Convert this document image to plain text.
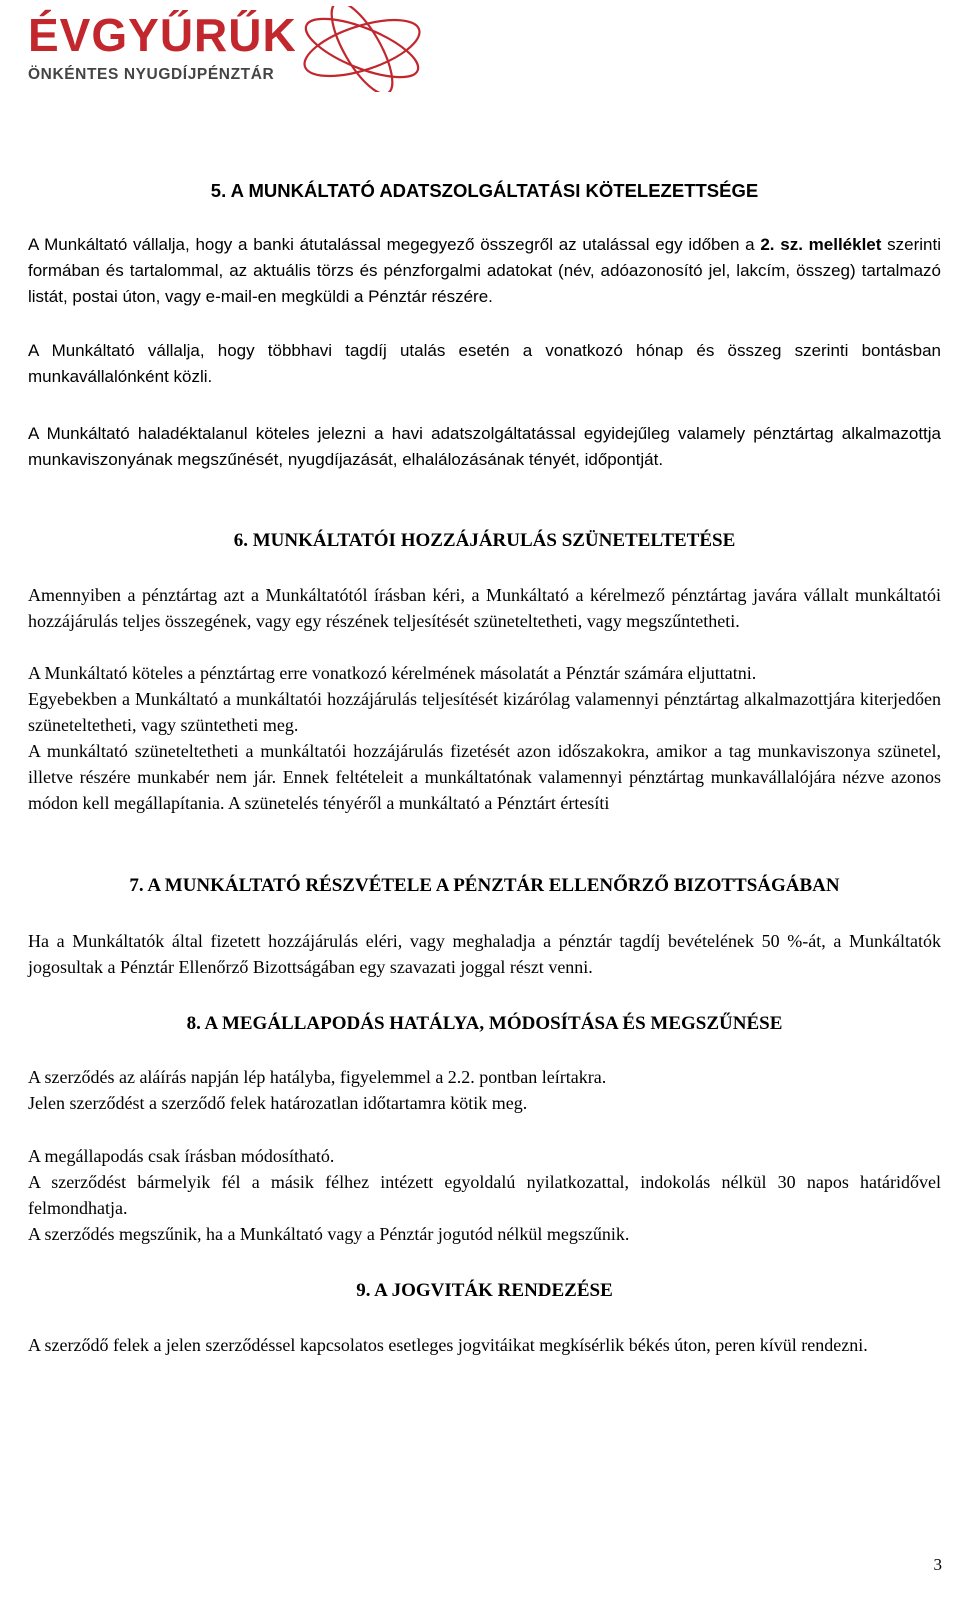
ÉVGYŰRŰK
ÖNKÉNTES NYUGDÍJPÉNZTÁR
5. A MUNKÁLTATÓ ADATSZOLGÁLTATÁSI KÖTELEZETTSÉGE

A Munkáltató vállalja, hogy a banki átutalással megegyező összegről az utalással egy időben a 2. sz. melléklet szerinti formában és tartalommal, az aktuális törzs és pénzforgalmi adatokat (név, adóazonosító jel, lakcím, összeg) tartalmazó listát, postai úton, vagy e-mail-en megküldi a Pénztár részére.

A Munkáltató vállalja, hogy többhavi tagdíj utalás esetén a vonatkozó hónap és összeg szerinti bontásban munkavállalónként közli.

A Munkáltató haladéktalanul köteles jelezni a havi adatszolgáltatással egyidejűleg valamely pénztártag alkalmazottja munkaviszonyának megszűnését, nyugdíjazását, elhalálozásának tényét, időpontját.

6. MUNKÁLTATÓI HOZZÁJÁRULÁS SZÜNETELTETÉSE

Amennyiben a pénztártag azt a Munkáltatótól írásban kéri, a Munkáltató a kérelmező pénztártag javára vállalt munkáltatói hozzájárulás teljes összegének, vagy egy részének teljesítését szüneteltetheti, vagy megszűntetheti.

A Munkáltató köteles a pénztártag erre vonatkozó kérelmének másolatát a Pénztár számára eljuttatni.

Egyebekben a Munkáltató a munkáltatói hozzájárulás teljesítését kizárólag valamennyi pénztártag alkalmazottjára kiterjedően szüneteltetheti, vagy szüntetheti meg.

A munkáltató szüneteltetheti a munkáltatói hozzájárulás fizetését azon időszakokra, amikor a tag munkaviszonya szünetel, illetve részére munkabér nem jár. Ennek feltételeit a munkáltatónak valamennyi pénztártag munkavállalójára nézve azonos módon kell megállapítania. A szünetelés tényéről a munkáltató a Pénztárt értesíti

7. A MUNKÁLTATÓ RÉSZVÉTELE A PÉNZTÁR ELLENŐRZŐ BIZOTTSÁGÁBAN

Ha a Munkáltatók által fizetett hozzájárulás eléri, vagy meghaladja a pénztár tagdíj bevételének 50 %-át, a Munkáltatók jogosultak a Pénztár Ellenőrző Bizottságában egy szavazati joggal részt venni.

8. A MEGÁLLAPODÁS HATÁLYA, MÓDOSÍTÁSA ÉS MEGSZŰNÉSE

A szerződés az aláírás napján lép hatályba, figyelemmel a 2.2. pontban leírtakra.

Jelen szerződést a szerződő felek határozatlan időtartamra kötik meg.

A megállapodás csak írásban módosítható.

A szerződést bármelyik fél a másik félhez intézett egyoldalú nyilatkozattal, indokolás nélkül 30 napos határidővel felmondhatja.

A szerződés megszűnik, ha a Munkáltató vagy a Pénztár jogutód nélkül megszűnik.

9. A JOGVITÁK RENDEZÉSE

A szerződő felek a jelen szerződéssel kapcsolatos esetleges jogvitáikat megkísérlik békés úton, peren kívül rendezni.

3
